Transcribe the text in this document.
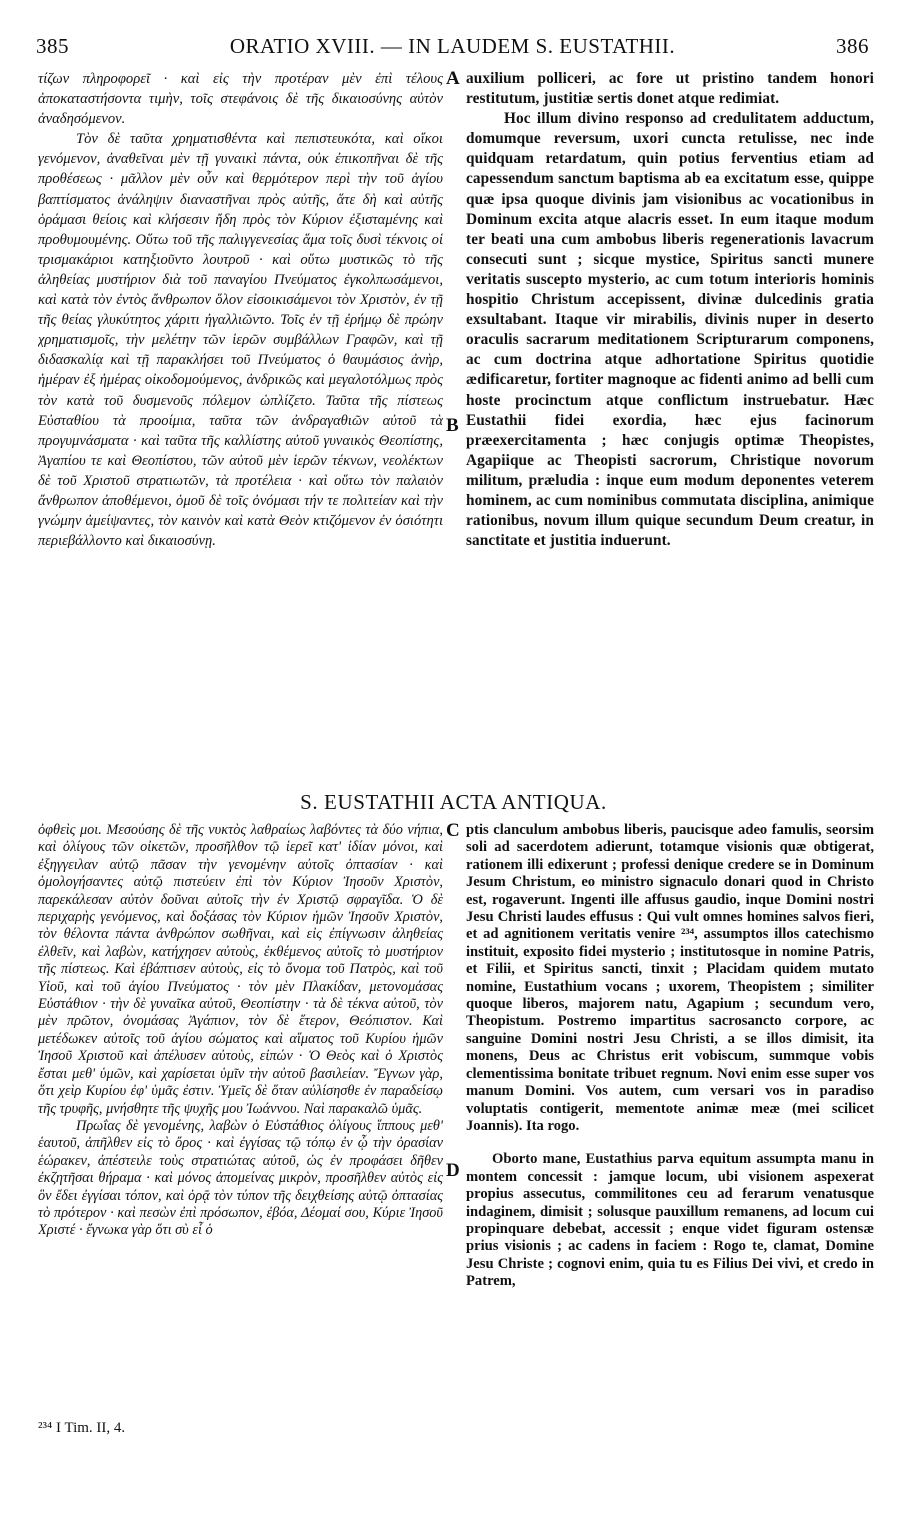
385	ORATIO XVIII. — IN LAUDEM S. EUSTATHII.	386

τίζων πληροφορεῖ · καὶ εἰς τὴν προτέραν μὲν ἐπὶ τέλους ἀποκαταστήσοντα τιμὴν, τοῖς στεφάνοις δὲ τῆς δικαιοσύνης αὐτὸν ἀναδησόμενον.

Τὸν δὲ ταῦτα χρηματισθέντα καὶ πεπιστευκότα, καὶ οἴκοι γενόμενον, ἀναθεῖναι μὲν τῇ γυναικὶ πάντα, οὐκ ἐπικοπῆναι δὲ τῆς προθέσεως · μᾶλλον μὲν οὖν καὶ θερμότερον περὶ τὴν τοῦ ἁγίου βαπτίσματος ἀνάληψιν διαναστῆναι πρὸς αὐτῆς, ἅτε δὴ καὶ αὐτῆς ὁράμασι θείοις καὶ κλήσεσιν ἤδη πρὸς τὸν Κύριον ἐξισταμένης καὶ προθυμουμένης. Οὕτω τοῦ τῆς παλιγγενεσίας ἅμα τοῖς δυσὶ τέκνοις οἱ τρισμακάριοι κατηξιοῦντο λουτροῦ · καὶ οὕτω μυστικῶς τὸ τῆς ἀληθείας μυστήριον διὰ τοῦ παναγίου Πνεύματος ἐγκολπωσάμενοι, καὶ κατὰ τὸν ἐντὸς ἄνθρωπον ὅλον εἰσοικισάμενοι τὸν Χριστὸν, ἐν τῇ τῆς θείας γλυκύτητος χάριτι ἠγαλλιῶντο. Τοῖς ἐν τῇ ἐρήμῳ δὲ πρώην χρηματισμοῖς, τὴν μελέτην τῶν ἱερῶν συμβάλλων Γραφῶν, καὶ τῇ διδασκαλίᾳ καὶ τῇ παρακλήσει τοῦ Πνεύματος ὁ θαυμάσιος ἀνὴρ, ἡμέραν ἐξ ἡμέρας οἰκοδομούμενος, ἀνδρικῶς καὶ μεγαλοτόλμως πρὸς τὸν κατὰ τοῦ δυσμενοῦς πόλεμον ὡπλίζετο. Ταῦτα τῆς πίστεως Εὐσταθίου τὰ προοίμια, ταῦτα τῶν ἀνδραγαθιῶν αὐτοῦ τὰ προγυμνάσματα · καὶ ταῦτα τῆς καλλίστης αὐτοῦ γυναικὸς Θεοπίστης, Ἀγαπίου τε καὶ Θεοπίστου, τῶν αὐτοῦ μὲν ἱερῶν τέκνων, νεολέκτων δὲ τοῦ Χριστοῦ στρατιωτῶν, τὰ προτέλεια · καὶ οὕτω τὸν παλαιὸν ἄνθρωπον ἀποθέμενοι, ὁμοῦ δὲ τοῖς ὀνόμασι τήν τε πολιτείαν καὶ τὴν γνώμην ἀμείψαντες, τὸν καινὸν καὶ κατὰ Θεὸν κτιζόμενον ἐν ὁσιότητι περιεβάλλοντο καὶ δικαιοσύνῃ.

auxilium polliceri, ac fore ut pristino tandem honori restitutum, justitiæ sertis donet atque redimiat.

Hoc illum divino responso ad credulitatem adductum, domumque reversum, uxori cuncta retulisse, nec inde quidquam retardatum, quin potius ferventius etiam ad capessendum sanctum baptisma ab ea excitatum esse, quippe quæ ipsa quoque divinis jam visionibus ac vocationibus in Dominum excita atque alacris esset. In eum itaque modum ter beati una cum ambobus liberis regenerationis lavacrum consecuti sunt ; sicque mystice, Spiritus sancti munere veritatis suscepto mysterio, ac cum totum interioris hominis hospitio Christum accepissent, divinæ dulcedinis gratia exsultabant. Itaque vir mirabilis, divinis nuper in deserto oraculis sacrarum meditationem Scripturarum componens, ac cum doctrina atque adhortatione Spiritus quotidie ædificaretur, fortiter magnoque ac fidenti animo ad belli cum hoste procinctum atque conflictum instruebatur. Hæc Eustathii fidei exordia, hæc ejus facinorum præexercitamenta ; hæc conjugis optimæ Theopistes, Agapiique ac Theopisti sacrorum, Christique novorum militum, præludia : inque eum modum deponentes veterem hominem, ac cum nominibus commutata disciplina, animique rationibus, novum illum quique secundum Deum creatur, in sanctitate et justitia induerunt.

A
B
C
D
S. EUSTATHII ACTA ANTIQUA.

ὀφθεὶς μοι. Μεσούσης δὲ τῆς νυκτὸς λαθραίως λαβόντες τὰ δύο νήπια, καὶ ὀλίγους τῶν οἰκετῶν, προσῆλθον τῷ ἱερεῖ κατ' ἰδίαν μόνοι, καὶ ἐξηγγειλαν αὐτῷ πᾶσαν τὴν γενομένην αὐτοῖς ὀπτασίαν · καὶ ὁμολογήσαντες αὐτῷ πιστεύειν ἐπὶ τὸν Κύριον Ἰησοῦν Χριστὸν, παρεκάλεσαν αὐτὸν δοῦναι αὐτοῖς τὴν ἐν Χριστῷ σφραγῖδα. Ὁ δὲ περιχαρὴς γενόμενος, καὶ δοξάσας τὸν Κύριον ἡμῶν Ἰησοῦν Χριστὸν, τὸν θέλοντα πάντα ἀνθρώπον σωθῆναι, καὶ εἰς ἐπίγνωσιν ἀληθείας ἐλθεῖν, καὶ λαβὼν, κατήχησεν αὐτοὺς, ἐκθέμενος αὐτοῖς τὸ μυστήριον τῆς πίστεως. Καὶ ἐβάπτισεν αὐτοὺς, εἰς τὸ ὄνομα τοῦ Πατρὸς, καὶ τοῦ Υἱοῦ, καὶ τοῦ ἁγίου Πνεύματος · τὸν μὲν Πλακίδαν, μετονομάσας Εὐστάθιον · τὴν δὲ γυναῖκα αὐτοῦ, Θεοπίστην · τὰ δὲ τέκνα αὐτοῦ, τὸν μὲν πρῶτον, ὀνομάσας Ἀγάπιον, τὸν δὲ ἕτερον, Θεόπιστον. Καὶ μετέδωκεν αὐτοῖς τοῦ ἁγίου σώματος καὶ αἵματος τοῦ Κυρίου ἡμῶν Ἰησοῦ Χριστοῦ καὶ ἀπέλυσεν αὐτοὺς, εἰπών · Ὁ Θεὸς καὶ ὁ Χριστὸς ἔσται μεθ' ὑμῶν, καὶ χαρίσεται ὑμῖν τὴν αὐτοῦ βασιλείαν. Ἔγνων γὰρ, ὅτι χεὶρ Κυρίου ἐφ' ὑμᾶς ἐστιν. Ὑμεῖς δὲ ὅταν αὐλίσησθε ἐν παραδείσῳ τῆς τρυφῆς, μνήσθητε τῆς ψυχῆς μου Ἰωάννου. Ναὶ παρακαλῶ ὑμᾶς.

Πρωΐας δὲ γενομένης, λαβὼν ὁ Εὐστάθιος ὀλίγους ἵππους μεθ' ἑαυτοῦ, ἀπῆλθεν εἰς τὸ ὄρος · καὶ ἐγγίσας τῷ τόπῳ ἐν ᾧ τὴν ὀρασίαν ἑώρακεν, ἀπέστειλε τοὺς στρατιώτας αὐτοῦ, ὡς ἐν προφάσει δῆθεν ἐκζητῆσαι θήραμα · καὶ μόνος ἀπομείνας μικρὸν, προσῆλθεν αὐτὸς εἰς ὃν ἔδει ἐγγίσαι τόπον, καὶ ὁρᾷ τὸν τύπον τῆς δειχθείσης αὐτῷ ὀπτασίας τὸ πρότερον · καὶ πεσὼν ἐπὶ πρόσωπον, ἐβόα, Δέομαί σου, Κύριε Ἰησοῦ Χριστέ · ἔγνωκα γὰρ ὅτι σὺ εἶ ὁ

ptis clanculum ambobus liberis, paucisque adeo famulis, seorsim soli ad sacerdotem adierunt, totamque visionis quæ obtigerat, rationem illi edixerunt ; professi denique credere se in Dominum Jesum Christum, eo ministro signaculo donari quod in Christo est, rogaverunt. Ingenti ille affusus gaudio, inque Domini nostri Jesu Christi laudes effusus : Qui vult omnes homines salvos fieri, et ad agnitionem veritatis venire ²³⁴, assumptos illos catechismo instituit, exposito fidei mysterio ; institutosque in nomine Patris, et Filii, et Spiritus sancti, tinxit ; Placidam quidem mutato nomine, Eustathium vocans ; uxorem, Theopistem ; similiter quoque liberos, majorem natu, Agapium ; secundum vero, Theopistum. Postremo impartitus sacrosancto corpore, ac sanguine Domini nostri Jesu Christi, a se illos dimisit, ita monens, Deus ac Christus erit vobiscum, summque vobis clementissima bonitate tribuet regnum. Novi enim esse super vos manum Domini. Vos autem, cum versari vos in paradiso voluptatis contigerit, mementote animæ meæ (mei scilicet Joannis). Ita rogo.

Oborto mane, Eustathius parva equitum assumpta manu in montem concessit : jamque locum, ubi visionem aspexerat propius assecutus, commilitones ceu ad ferarum venatusque indaginem, dimisit ; solusque pauxillum remanens, ad locum cui propinquare debebat, accessit ; enque videt figuram ostensæ prius visionis ; ac cadens in faciem : Rogo te, clamat, Domine Jesu Christe ; cognovi enim, quia tu es Filius Dei vivi, et credo in Patrem,

²³⁴ I Tim. II, 4.
